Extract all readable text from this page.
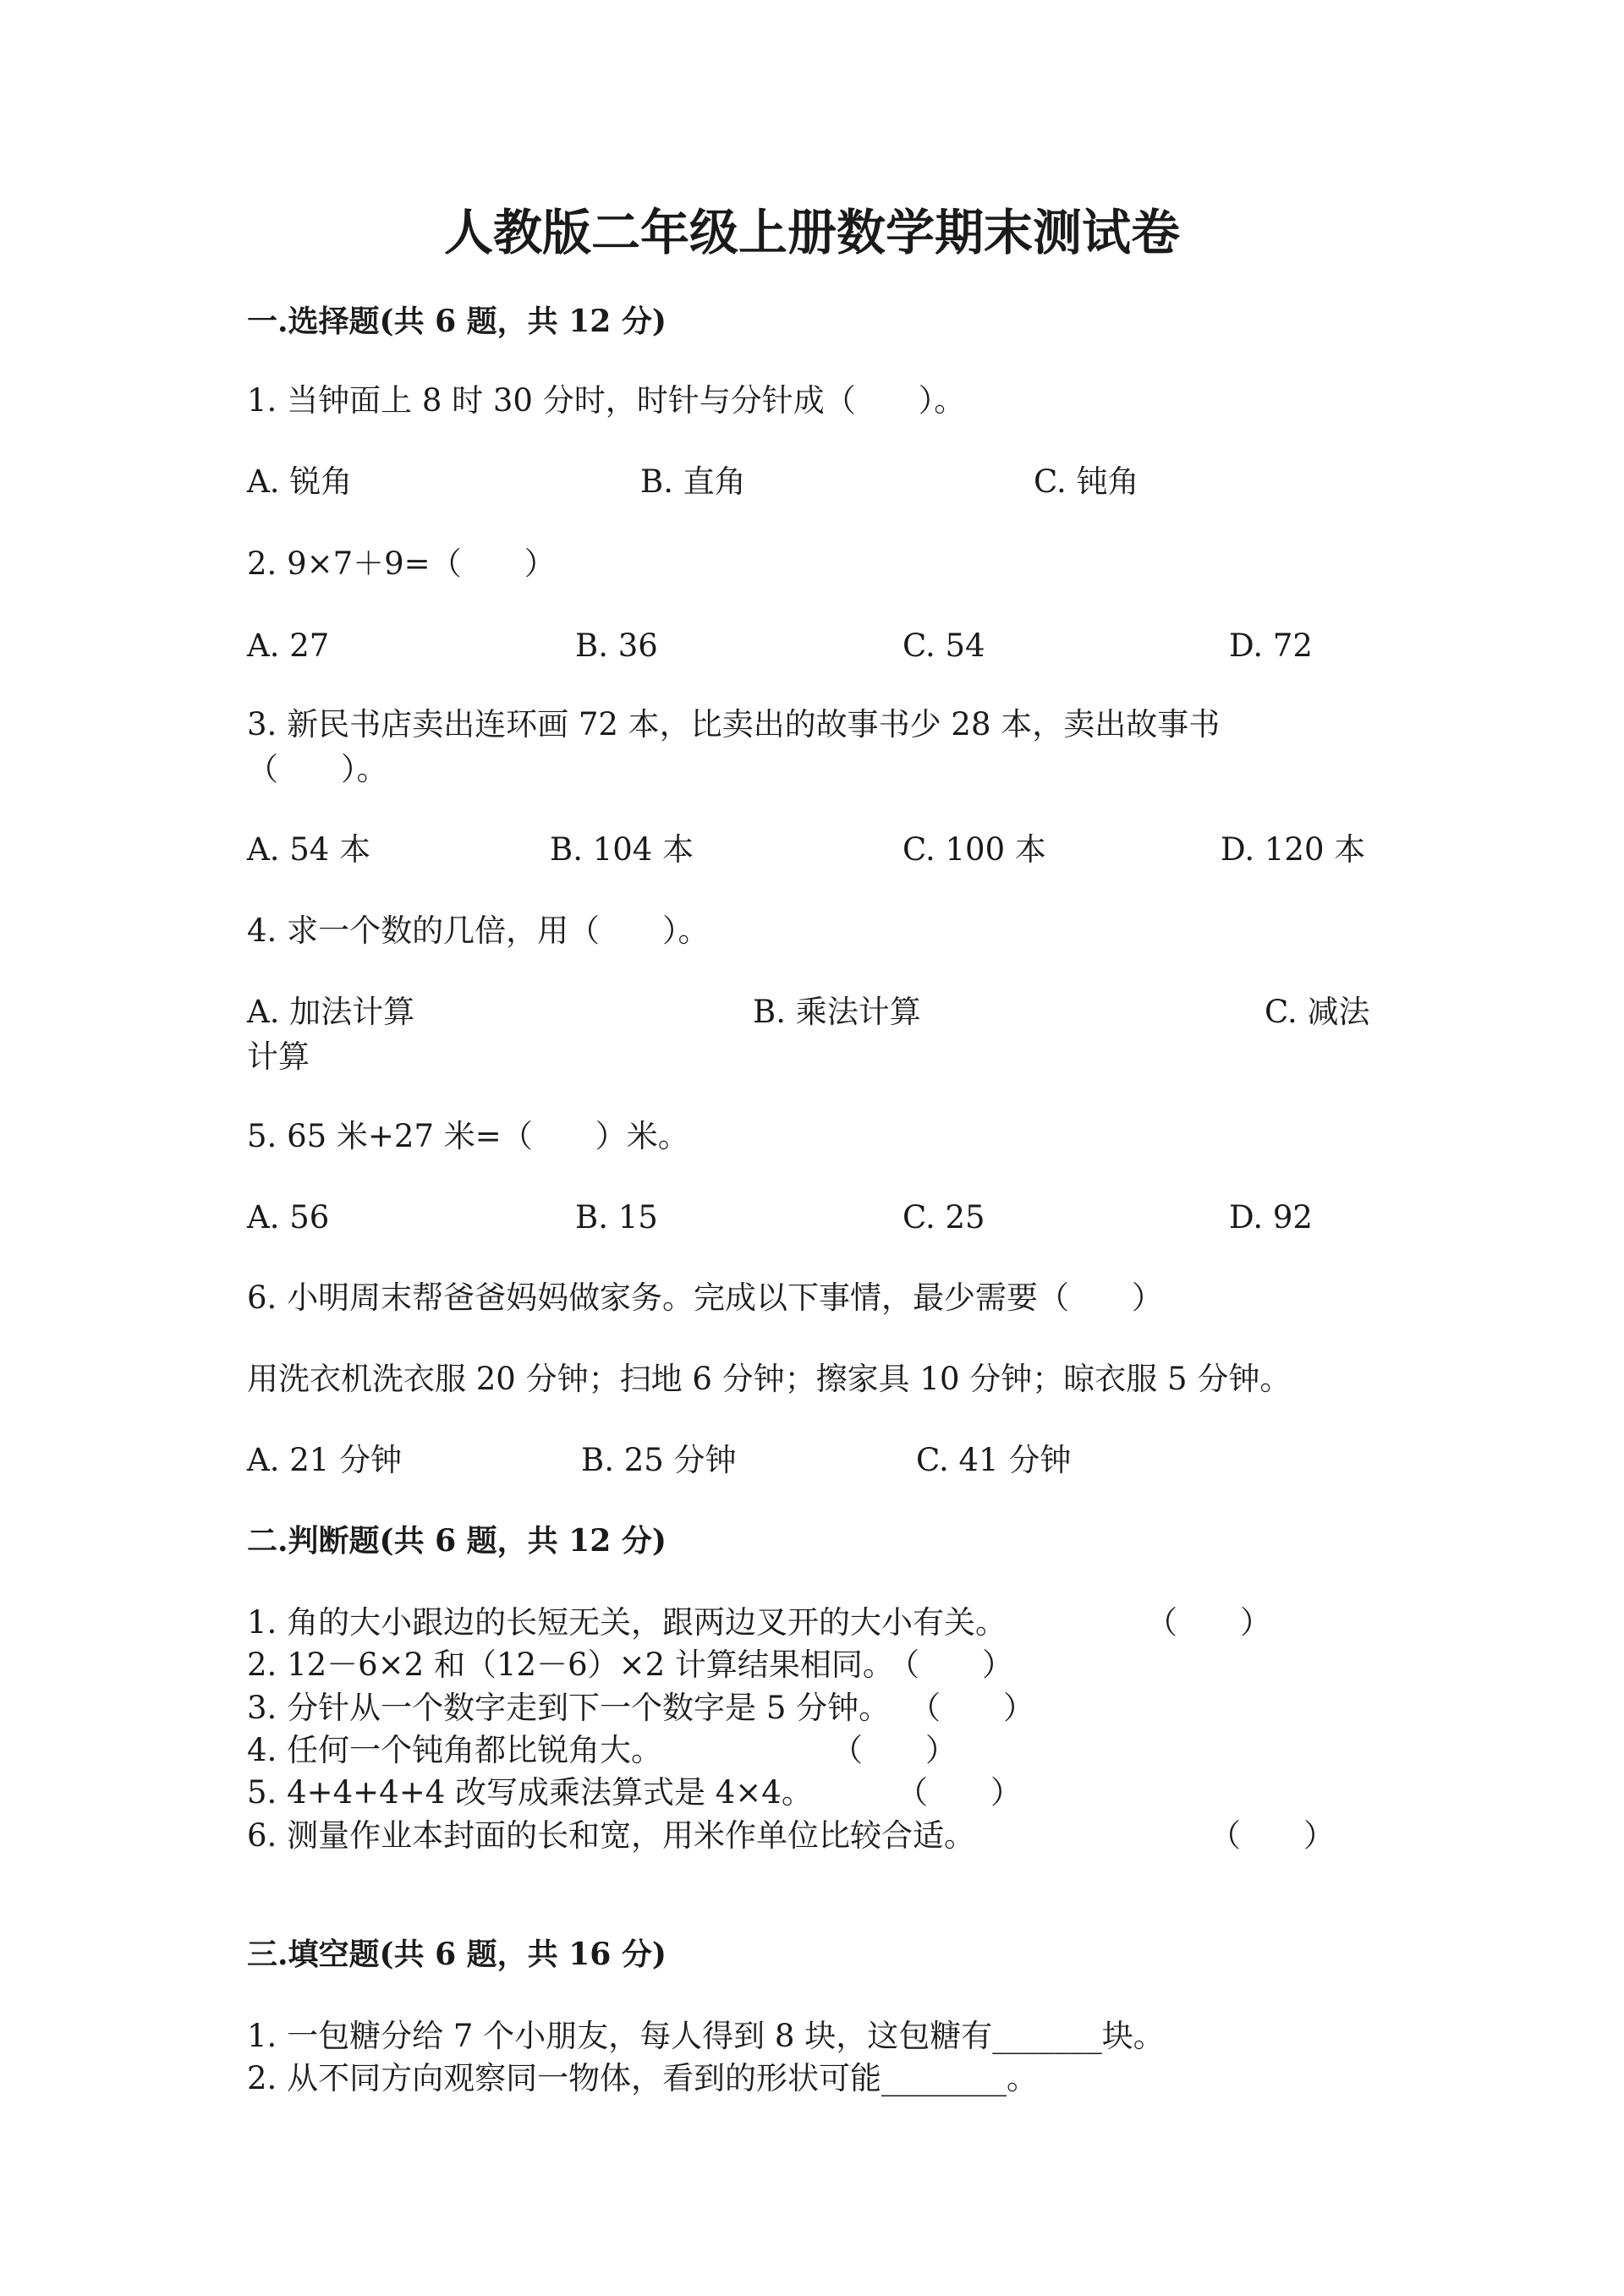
人教版二年级上册数学期末测试卷
一.选择题(共 6 题，共 12 分)
1. 当钟面上 8 时 30 分时，时针与分针成（　　）。
A. 锐角	B. 直角	C. 钝角
2. 9×7＋9=（　　）
A. 27	B. 36	C. 54	D. 72
3. 新民书店卖出连环画 72 本，比卖出的故事书少 28 本，卖出故事书
（　　）。
A. 54 本	B. 104 本	C. 100 本	D. 120 本
4. 求一个数的几倍，用（　　）。
A. 加法计算	B. 乘法计算	C. 减法
计算
5. 65 米+27 米=（　　）米。
A. 56	B. 15	C. 25	D. 92
6. 小明周末帮爸爸妈妈做家务。完成以下事情，最少需要（　　）
用洗衣机洗衣服 20 分钟；扫地 6 分钟；擦家具 10 分钟；晾衣服 5 分钟。
A. 21 分钟	B. 25 分钟	C. 41 分钟
二.判断题(共 6 题，共 12 分)
1. 角的大小跟边的长短无关，跟两边叉开的大小有关。	（　　）
2. 12－6×2 和（12－6）×2 计算结果相同。
（　　）
3. 分针从一个数字走到下一个数字是 5 分钟。 （　　）
4. 任何一个钝角都比锐角大。	（　　）
5. 4+4+4+4 改写成乘法算式是 4×4。	（　　）
6. 测量作业本封面的长和宽，用米作单位比较合适。	（　　）
三.填空题(共 6 题，共 16 分)
1. 一包糖分给 7 个小朋友，每人得到 8 块，这包糖有_______块。
2. 从不同方向观察同一物体，看到的形状可能________。
